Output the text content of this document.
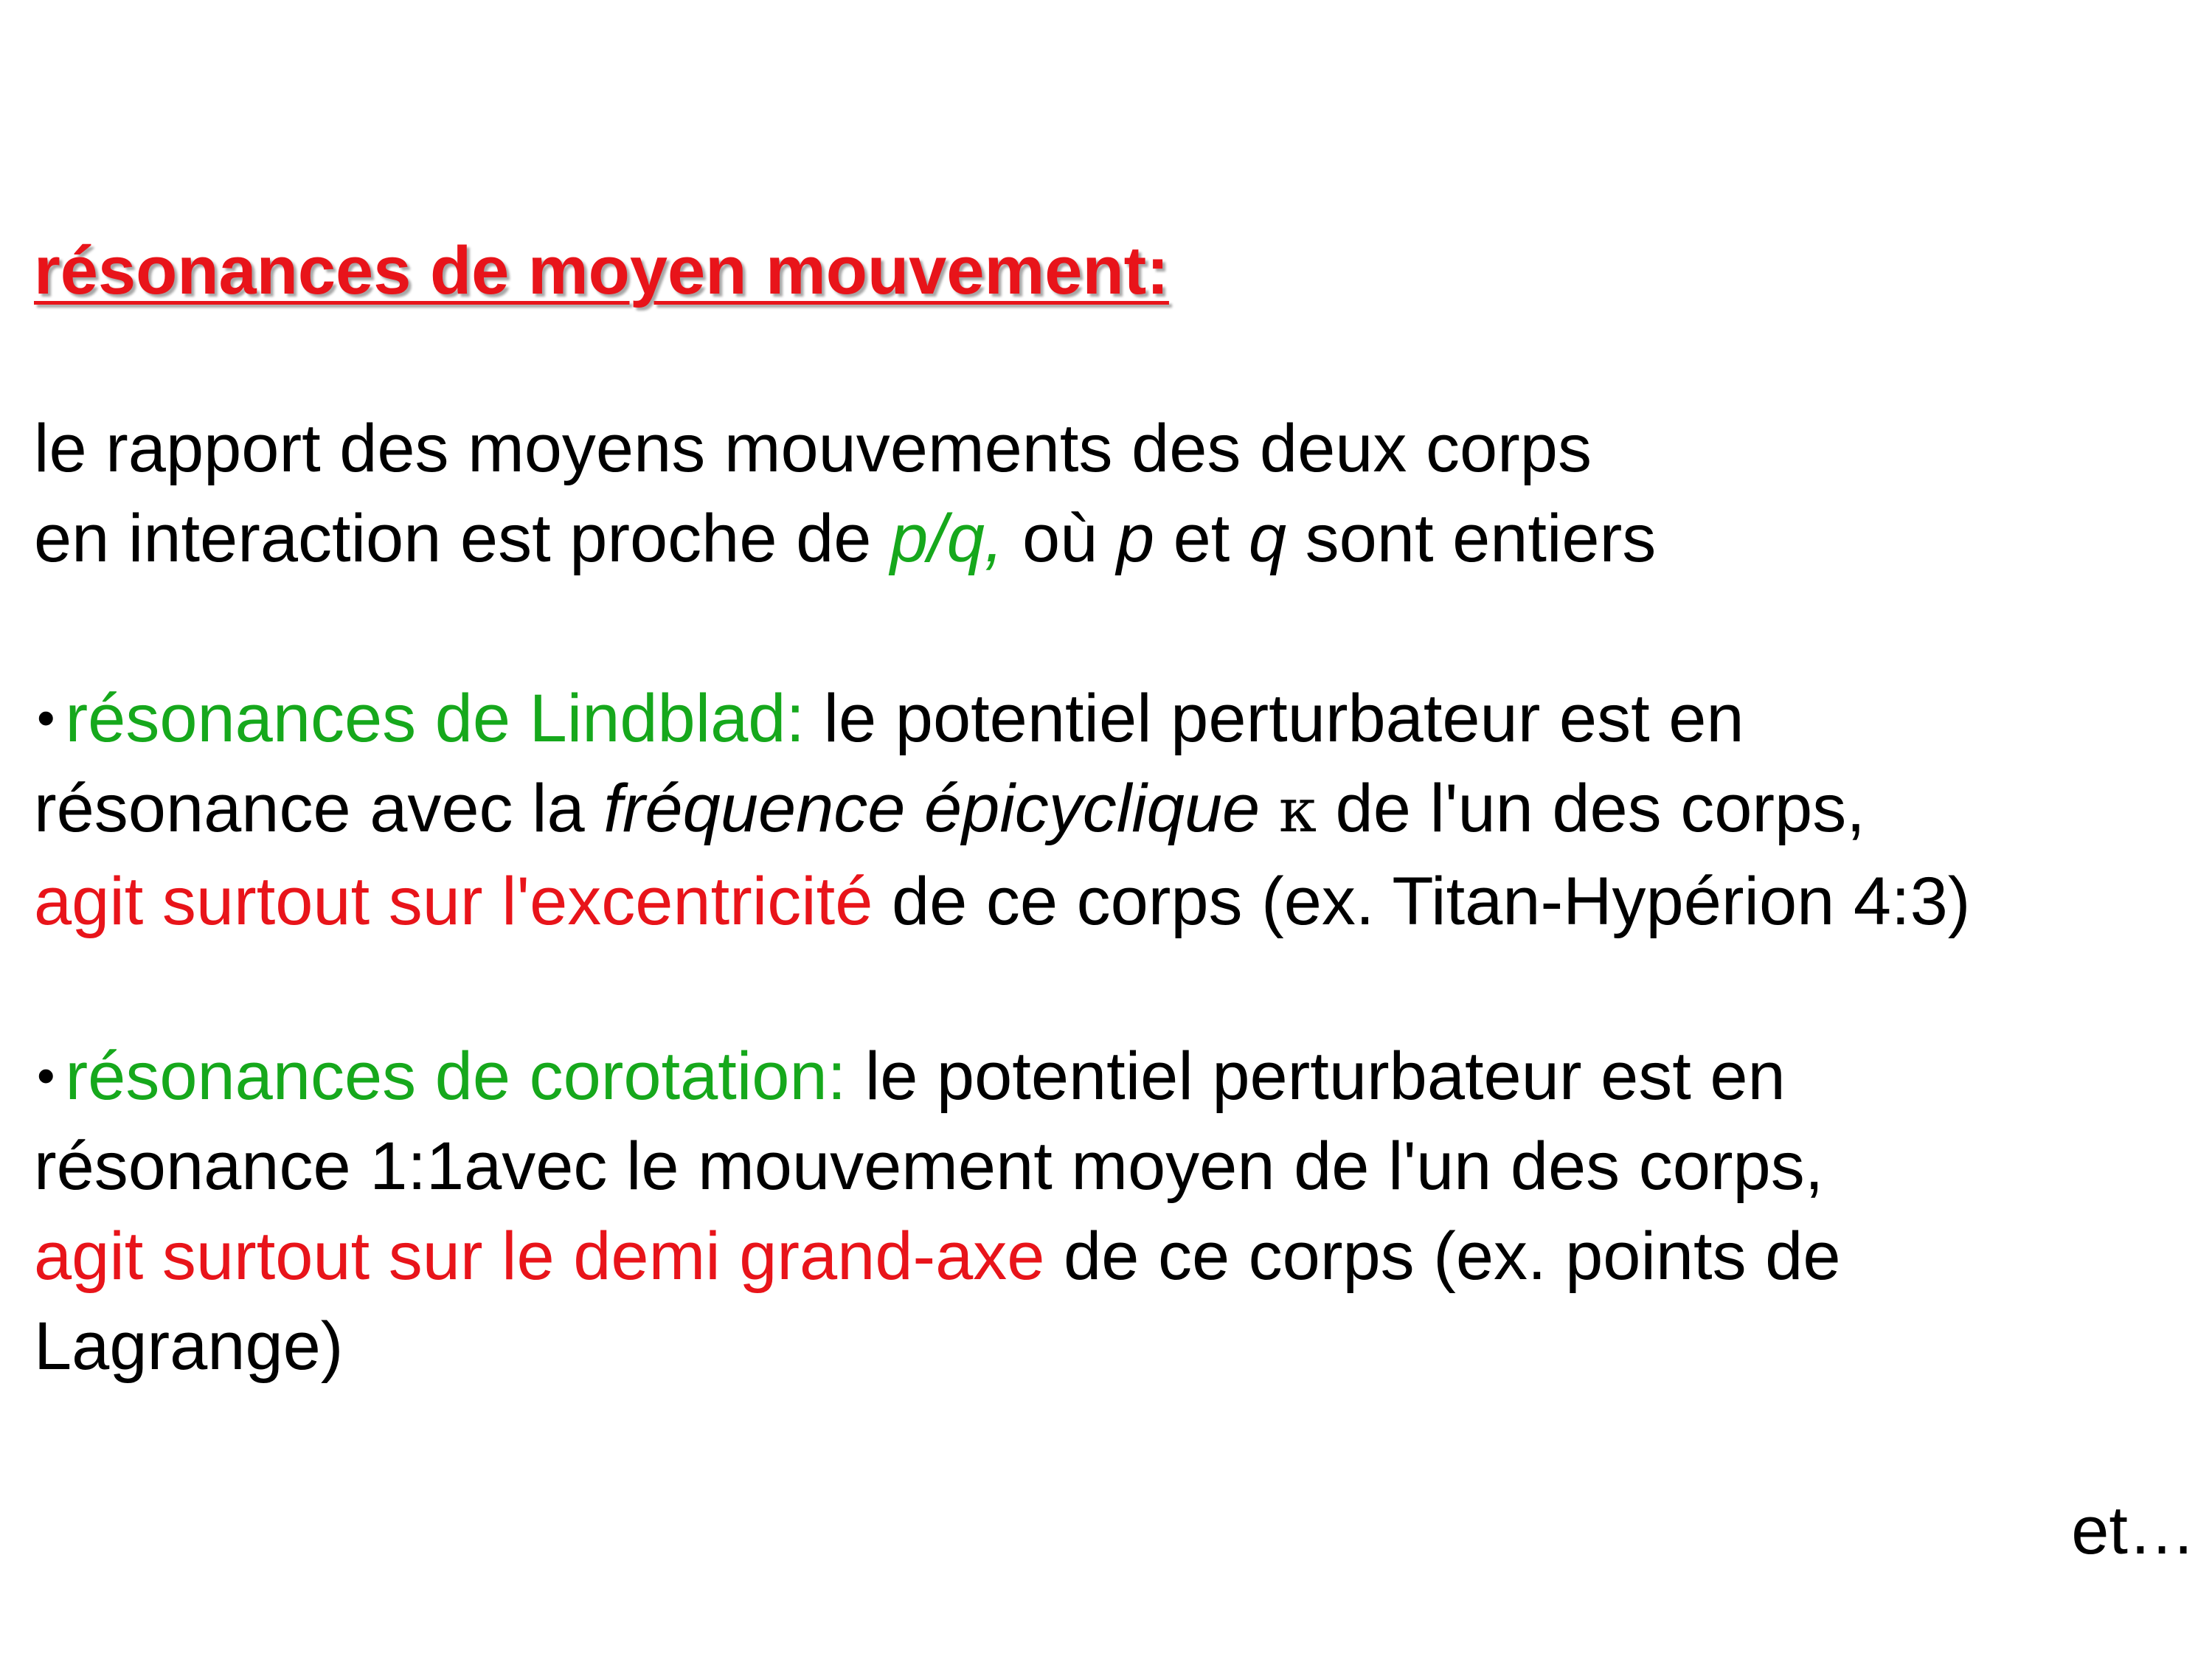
résonances de moyen mouvement:
le rapport des moyens mouvements des deux corps
en interaction est proche de p/q, où p et q sont entiers
• résonances de Lindblad: le potentiel perturbateur est en
résonance avec la fréquence épicyclique κ de l'un des corps,
agit surtout sur l'excentricité de ce corps (ex. Titan-Hypérion 4:3)
• résonances de corotation: le potentiel perturbateur est en
résonance 1:1avec le mouvement moyen de l'un des corps,
agit surtout sur le demi grand-axe de ce corps (ex. points de
Lagrange)
et…
